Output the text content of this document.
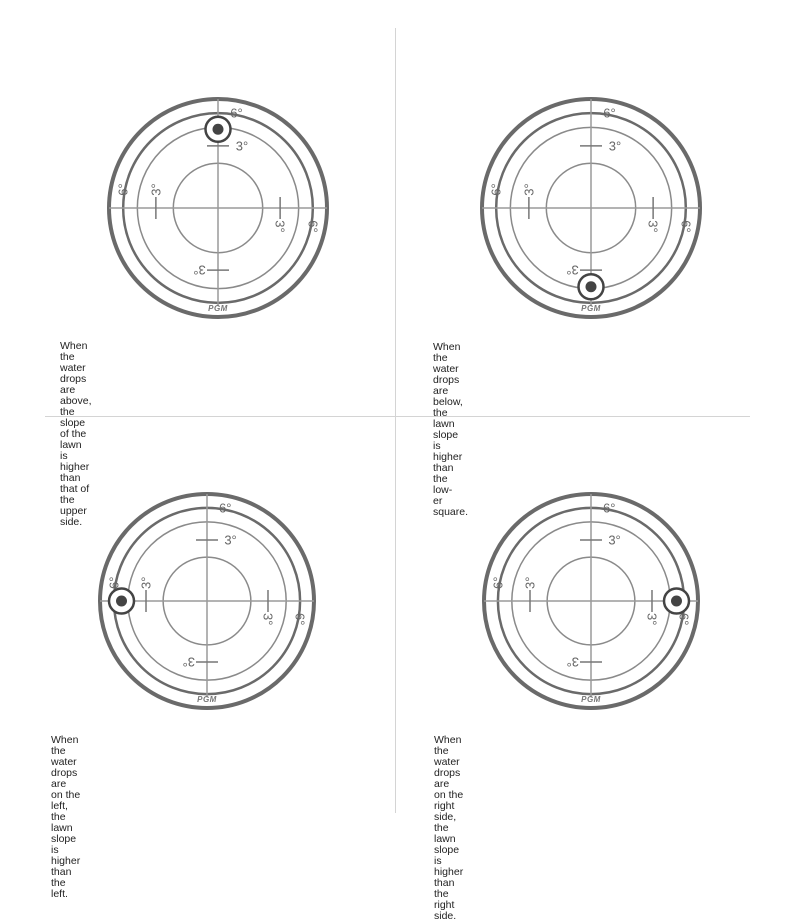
3°
6°
3°
6°
3° 6°
3°
PGM
When the water drops are above, the slope of the lawn is higher
than that of the upper side.
3°
6°
3°
6°
3° 6°
3°
PGM
When the water drops are below, the lawn slope is higher than the low-
er square.
3°
6°
3°
6°
3° 6°
3°
PGM
When the water drops are on the left, the lawn slope is higher
than the left.
3°
6°
3°
6°
3° 6°
3°
PGM
When the water drops are on the right side, the lawn slope is
higher than the right side.
